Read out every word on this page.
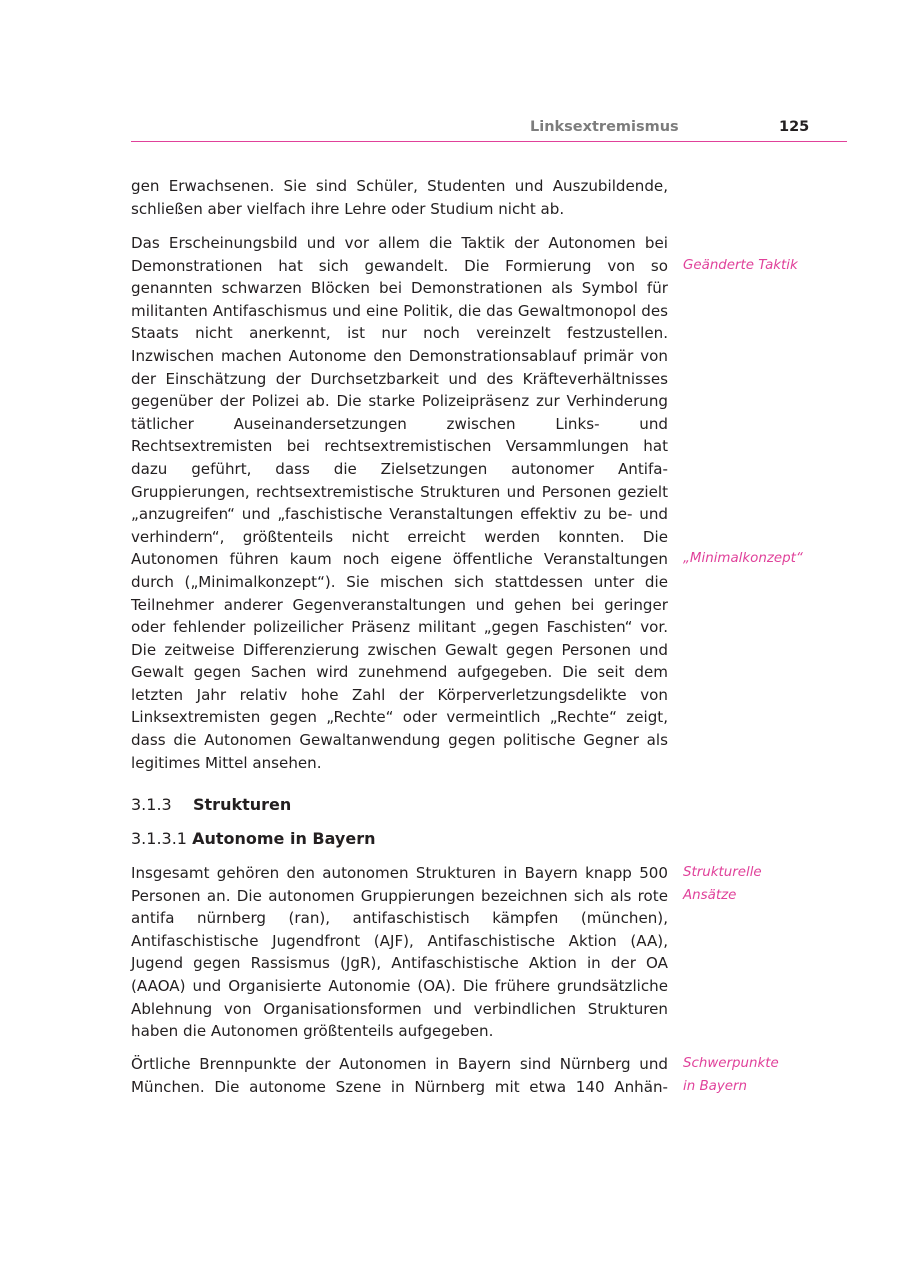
Linksextremismus	125

gen Erwachsenen. Sie sind Schüler, Studenten und Auszubildende, schließen aber vielfach ihre Lehre oder Studium nicht ab.

Das Erscheinungsbild und vor allem die Taktik der Autonomen bei Demonstrationen hat sich gewandelt. Die Formierung von so genannten schwarzen Blöcken bei Demonstrationen als Symbol für militanten Antifaschismus und eine Politik, die das Gewaltmonopol des Staats nicht anerkennt, ist nur noch vereinzelt festzustellen. Inzwischen machen Autonome den Demonstrationsablauf primär von der Einschätzung der Durchsetzbarkeit und des Kräfteverhältnisses gegenüber der Polizei ab. Die starke Polizeipräsenz zur Verhinderung tätlicher Auseinandersetzungen zwischen Links- und Rechtsextremisten bei rechtsextremistischen Versammlungen hat dazu geführt, dass die Zielsetzungen autonomer Antifa-Gruppierungen, rechtsextremistische Strukturen und Personen gezielt „anzugreifen“ und „faschistische Veranstaltungen effektiv zu be- und verhindern“, größtenteils nicht erreicht werden konnten. Die Autonomen führen kaum noch eigene öffentliche Veranstaltungen durch („Minimalkonzept“). Sie mischen sich stattdessen unter die Teilnehmer anderer Gegenveranstaltungen und gehen bei geringer oder fehlender polizeilicher Präsenz militant „gegen Faschisten“ vor. Die zeitweise Differenzierung zwischen Gewalt gegen Personen und Gewalt gegen Sachen wird zunehmend aufgegeben. Die seit dem letzten Jahr relativ hohe Zahl der Körperverletzungsdelikte von Linksextremisten gegen „Rechte“ oder vermeintlich „Rechte“ zeigt, dass die Autonomen Gewaltanwendung gegen politische Gegner als legitimes Mittel ansehen.

Geänderte Taktik
„Minimalkonzept“
3.1.3 Strukturen
3.1.3.1 Autonome in Bayern

Insgesamt gehören den autonomen Strukturen in Bayern knapp 500 Personen an. Die autonomen Gruppierungen bezeichnen sich als rote antifa nürnberg (ran), antifaschistisch kämpfen (münchen), Antifaschistische Jugendfront (AJF), Antifaschistische Aktion (AA), Jugend gegen Rassismus (JgR), Antifaschistische Aktion in der OA (AAOA) und Organisierte Autonomie (OA). Die frühere grundsätzliche Ablehnung von Organisationsformen und verbindlichen Strukturen haben die Autonomen größtenteils aufgegeben.

Strukturelle
Ansätze

Örtliche Brennpunkte der Autonomen in Bayern sind Nürnberg und München. Die autonome Szene in Nürnberg mit etwa 140 Anhän-

Schwerpunkte
in Bayern
